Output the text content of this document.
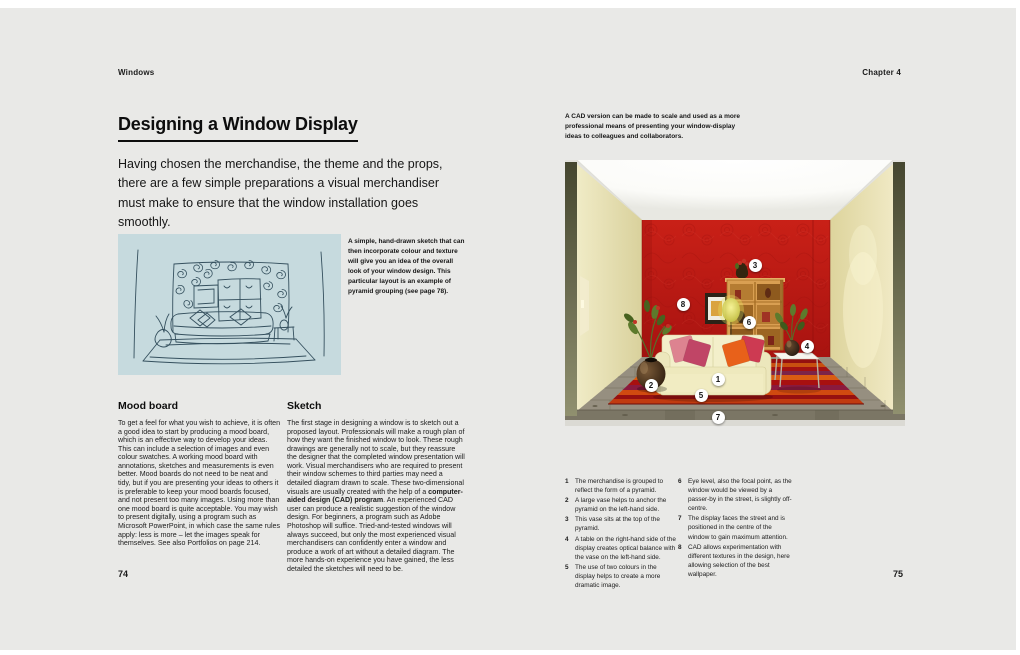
Windows
Designing a Window Display
Having chosen the merchandise, the theme and the props, there are a few simple preparations a visual merchandiser must make to ensure that the window installation goes smoothly.
A simple, hand-drawn sketch that can then incorporate colour and texture will give you an idea of the overall look of your window design. This particular layout is an example of pyramid grouping (see page 78).
Mood board
To get a feel for what you wish to achieve, it is often a good idea to start by producing a mood board, which is an effective way to develop your ideas. This can include a selection of images and even colour swatches. A working mood board with annotations, sketches and measurements is even better. Mood boards do not need to be neat and tidy, but if you are presenting your ideas to others it is preferable to keep your mood boards focused, and not present too many images. Using more than one mood board is quite acceptable. You may wish to present digitally, using a program such as Microsoft PowerPoint, in which case the same rules apply: less is more – let the images speak for themselves. See also Portfolios on page 214.
Sketch
The first stage in designing a window is to sketch out a proposed layout. Professionals will make a rough plan of how they want the finished window to look. These rough drawings are generally not to scale, but they reassure the designer that the completed window presentation will work. Visual merchandisers who are required to present their window schemes to third parties may need a detailed diagram drawn to scale. These two-dimensional visuals are usually created with the help of a computer-aided design (CAD) program. An experienced CAD user can produce a realistic suggestion of the window design. For beginners, a program such as Adobe Photoshop will suffice. Tried-and-tested windows will always succeed, but only the most experienced visual merchandisers can confidently enter a window and produce a work of art without a detailed diagram. The more hands-on experience you have gained, the less detailed the sketches will need to be.
74
Chapter 4
A CAD version can be made to scale and used as a more professional means of presenting your window-display ideas to colleagues and collaborators.
1
2
3
4
5
6
7
8
1	The merchandise is grouped to reflect the form of a pyramid.
2	A large vase helps to anchor the pyramid on the left-hand side.
3	This vase sits at the top of the pyramid.
4	A table on the right-hand side of the display creates optical balance with the vase on the left-hand side.
5	The use of two colours in the display helps to create a more dramatic image.
6	Eye level, also the focal point, as the window would be viewed by a passer-by in the street, is slightly off-centre.
7	The display faces the street and is positioned in the centre of the window to gain maximum attention.
8	CAD allows experimentation with different textures in the design, here allowing selection of the best wallpaper.	75
